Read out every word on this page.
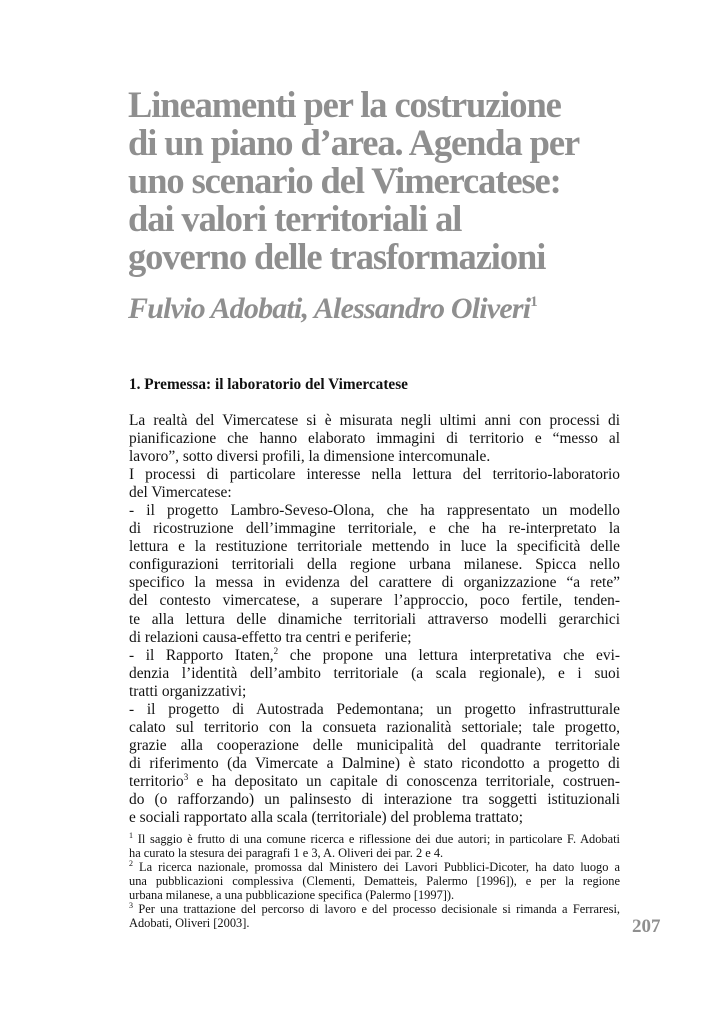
Lineamenti per la costruzione
di un piano d’area. Agenda per
uno scenario del Vimercatese:
dai valori territoriali al
governo delle trasformazioni

Fulvio Adobati, Alessandro Oliveri$^1$

1. Premessa: il laboratorio del Vimercatese
La realtà del Vimercatese si è misurata negli ultimi anni con processi di
pianificazione che hanno elaborato immagini di territorio e “messo al
lavoro”, sotto diversi profili, la dimensione intercomunale.
I processi di particolare interesse nella lettura del territorio-laboratorio
del Vimercatese:
- il progetto Lambro-Seveso-Olona, che ha rappresentato un modello
di ricostruzione dell’immagine territoriale, e che ha re-interpretato la
lettura e la restituzione territoriale mettendo in luce la specificità delle
configurazioni territoriali della regione urbana milanese. Spicca nello
specifico la messa in evidenza del carattere di organizzazione “a rete”
del contesto vimercatese, a superare l’approccio, poco fertile, tenden-
te alla lettura delle dinamiche territoriali attraverso modelli gerarchici
di relazioni causa-effetto tra centri e periferie;
- il Rapporto Itaten,$^2$ che propone una lettura interpretativa che evi-
denzia l’identità dell’ambito territoriale (a scala regionale), e i suoi
tratti organizzativi;
- il progetto di Autostrada Pedemontana; un progetto infrastrutturale
calato sul territorio con la consueta razionalità settoriale; tale progetto,
grazie alla cooperazione delle municipalità del quadrante territoriale
di riferimento (da Vimercate a Dalmine) è stato ricondotto a progetto di
territorio$^3$ e ha depositato un capitale di conoscenza territoriale, costruen-
do (o rafforzando) un palinsesto di interazione tra soggetti istituzionali
e sociali rapportato alla scala (territoriale) del problema trattato;
$^1$ Il saggio è frutto di una comune ricerca e riflessione dei due autori; in particolare F. Adobati
ha curato la stesura dei paragrafi 1 e 3, A. Oliveri dei par. 2 e 4.
$^2$ La ricerca nazionale, promossa dal Ministero dei Lavori Pubblici-Dicoter, ha dato luogo a
una pubblicazioni complessiva (Clementi, Dematteis, Palermo [1996]), e per la regione
urbana milanese, a una pubblicazione specifica (Palermo [1997]).
$^3$ Per una trattazione del percorso di lavoro e del processo decisionale si rimanda a Ferraresi,
Adobati, Oliveri [2003].	207
